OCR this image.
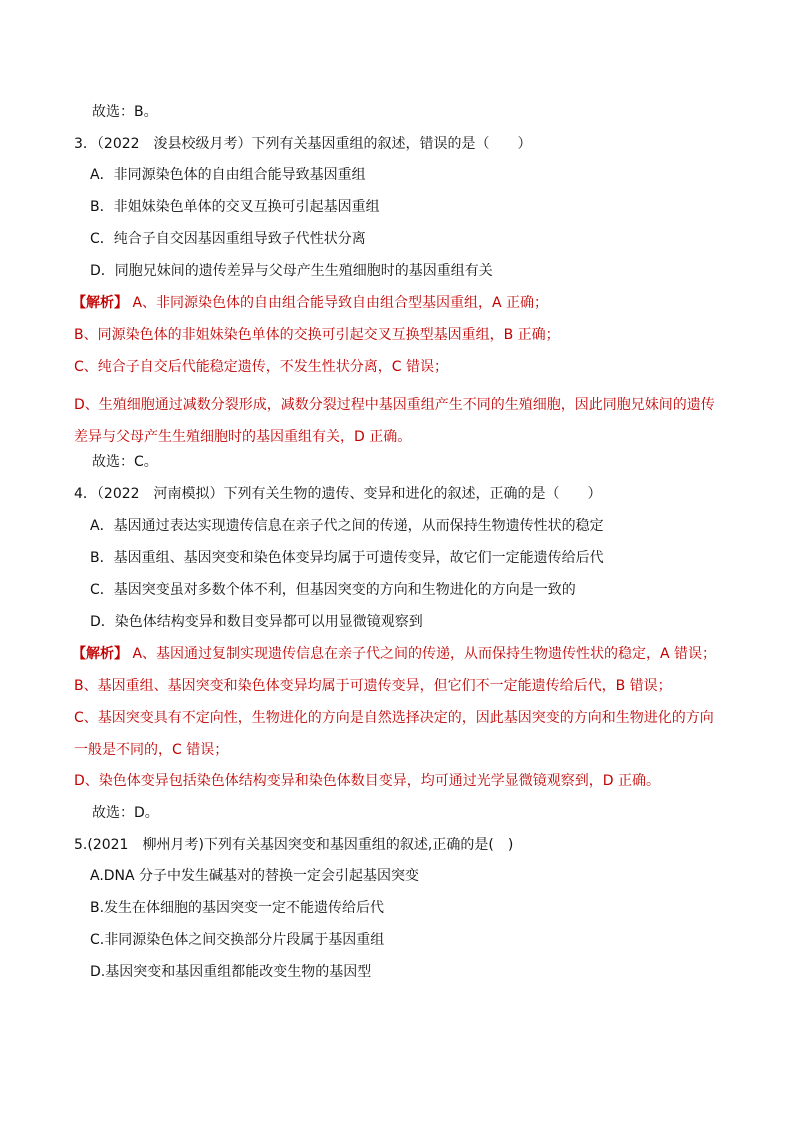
故选：B。
3．（2022　浚县校级月考）下列有关基因重组的叙述，错误的是（　　）
A．非同源染色体的自由组合能导致基因重组
B．非姐妹染色单体的交叉互换可引起基因重组
C．纯合子自交因基因重组导致子代性状分离
D．同胞兄妹间的遗传差异与父母产生生殖细胞时的基因重组有关
【解析】 A、非同源染色体的自由组合能导致自由组合型基因重组，A 正确；
B、同源染色体的非姐妹染色单体的交换可引起交叉互换型基因重组，B 正确；
C、纯合子自交后代能稳定遗传，不发生性状分离，C 错误；
D、生殖细胞通过减数分裂形成，减数分裂过程中基因重组产生不同的生殖细胞，因此同胞兄妹间的遗传差异与父母产生生殖细胞时的基因重组有关，D 正确。
故选：C。
4．（2022　河南模拟）下列有关生物的遗传、变异和进化的叙述，正确的是（　　）
A．基因通过表达实现遗传信息在亲子代之间的传递，从而保持生物遗传性状的稳定
B．基因重组、基因突变和染色体变异均属于可遗传变异，故它们一定能遗传给后代
C．基因突变虽对多数个体不利，但基因突变的方向和生物进化的方向是一致的
D．染色体结构变异和数目变异都可以用显微镜观察到
【解析】 A、基因通过复制实现遗传信息在亲子代之间的传递，从而保持生物遗传性状的稳定，A 错误；
B、基因重组、基因突变和染色体变异均属于可遗传变异，但它们不一定能遗传给后代，B 错误；
C、基因突变具有不定向性，生物进化的方向是自然选择决定的，因此基因突变的方向和生物进化的方向一般是不同的，C 错误；
D、染色体变异包括染色体结构变异和染色体数目变异，均可通过光学显微镜观察到，D 正确。
故选：D。
5.(2021　柳州月考)下列有关基因突变和基因重组的叙述,正确的是(　)
A.DNA 分子中发生碱基对的替换一定会引起基因突变
B.发生在体细胞的基因突变一定不能遗传给后代
C.非同源染色体之间交换部分片段属于基因重组
D.基因突变和基因重组都能改变生物的基因型
